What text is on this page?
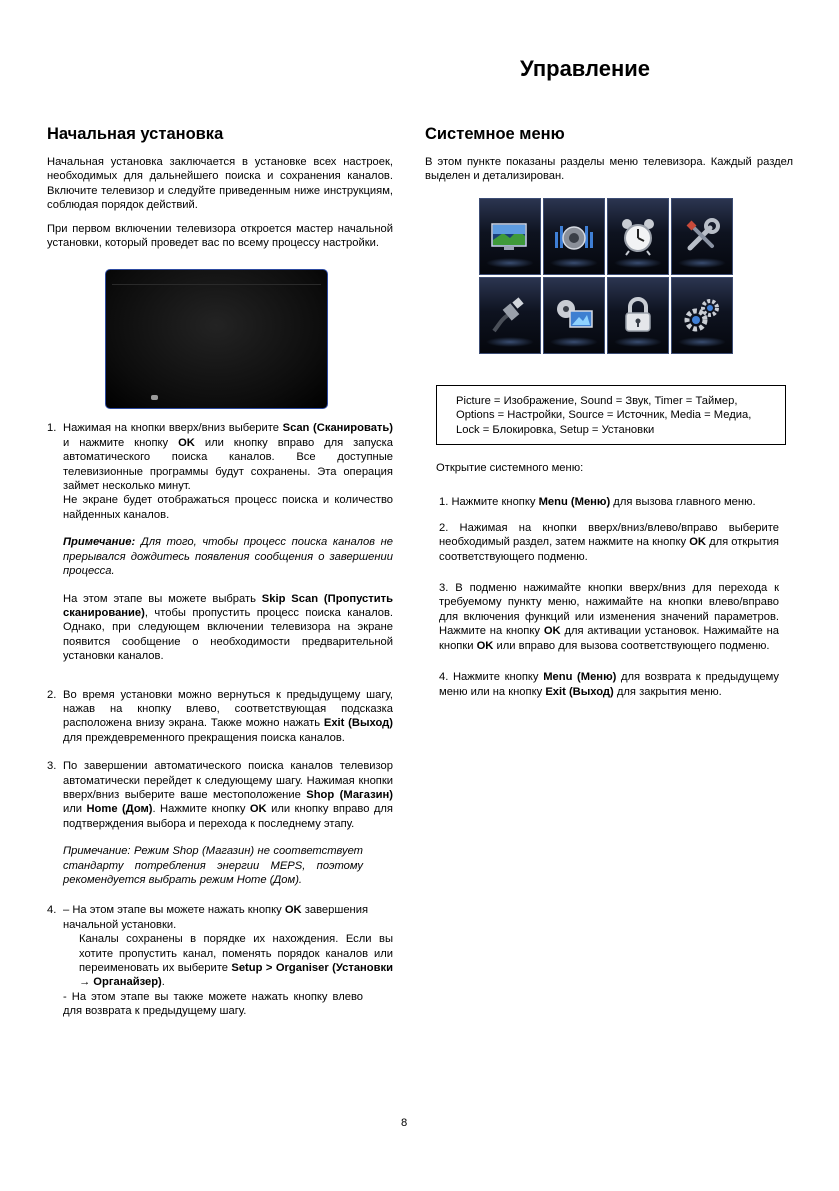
Управление
Начальная установка

Начальная установка заключается в установке всех настроек, необходимых для дальнейшего поиска и сохранения каналов. Включите телевизор и следуйте приведенным ниже инструкциям, соблюдая порядок действий.

При первом включении телевизора откроется мастер начальной установки, который проведет вас по всему процессу настройки.

1. Нажимая на кнопки вверх/вниз выберите Scan (Сканировать) и нажмите кнопку OK или кнопку вправо для запуска автоматического поиска каналов. Все доступные телевизионные программы будут сохранены. Эта операция займет несколько минут.

Не экране будет отображаться процесс поиска и количество найденных каналов.

Примечание: Для того, чтобы процесс поиска каналов не прерывался дождитесь появления сообщения о завершении процесса.

На этом этапе вы можете выбрать Skip Scan (Пропустить сканирование), чтобы пропустить процесс поиска каналов. Однако, при следующем включении телевизора на экране появится сообщение о необходимости предварительной установки каналов.

2. Во время установки можно вернуться к предыдущему шагу, нажав на кнопку влево, соответствующая подсказка расположена внизу экрана. Также можно нажать Exit (Выход) для преждевременного прекращения поиска каналов.

3. По завершении автоматического поиска каналов телевизор автоматически перейдет к следующему шагу. Нажимая кнопки вверх/вниз выберите ваше местоположение Shop (Магазин) или Home (Дом). Нажмите кнопку OK или кнопку вправо для подтверждения выбора и перехода к последнему этапу.

Примечание: Режим Shop (Магазин) не соответствует стандарту потребления энергии MEPS, поэтому рекомендуется выбрать режим Home (Дом).

4. – На этом этапе вы можете нажать кнопку OK завершения начальной установки.

Каналы сохранены в порядке их нахождения. Если вы хотите пропустить канал, поменять порядок каналов или переименовать их выберите Setup > Organiser (Установки → Органайзер).

- На этом этапе вы также можете нажать кнопку влево для возврата к предыдущему шагу.

Системное меню

В этом пункте показаны разделы меню телевизора. Каждый раздел выделен и детализирован.

Picture = Изображение, Sound = Звук, Timer = Таймер, Options = Настройки, Source = Источник, Media = Медиа, Lock = Блокировка, Setup = Установки
Открытие системного меню:

1. Нажмите кнопку Menu (Меню) для вызова главного меню.

2. Нажимая на кнопки вверх/вниз/влево/вправо выберите необходимый раздел, затем нажмите на кнопку OK для открытия соответствующего подменю.

3. В подменю нажимайте кнопки вверх/вниз для перехода к требуемому пункту меню, нажимайте на кнопки влево/вправо для включения функций или изменения значений параметров. Нажмите на кнопку OK для активации установок. Нажимайте на кнопки OK или вправо для вызова соответствующего подменю.

4. Нажмите кнопку Menu (Меню) для возврата к предыдущему меню или на кнопку Exit (Выход) для закрытия меню.

8
